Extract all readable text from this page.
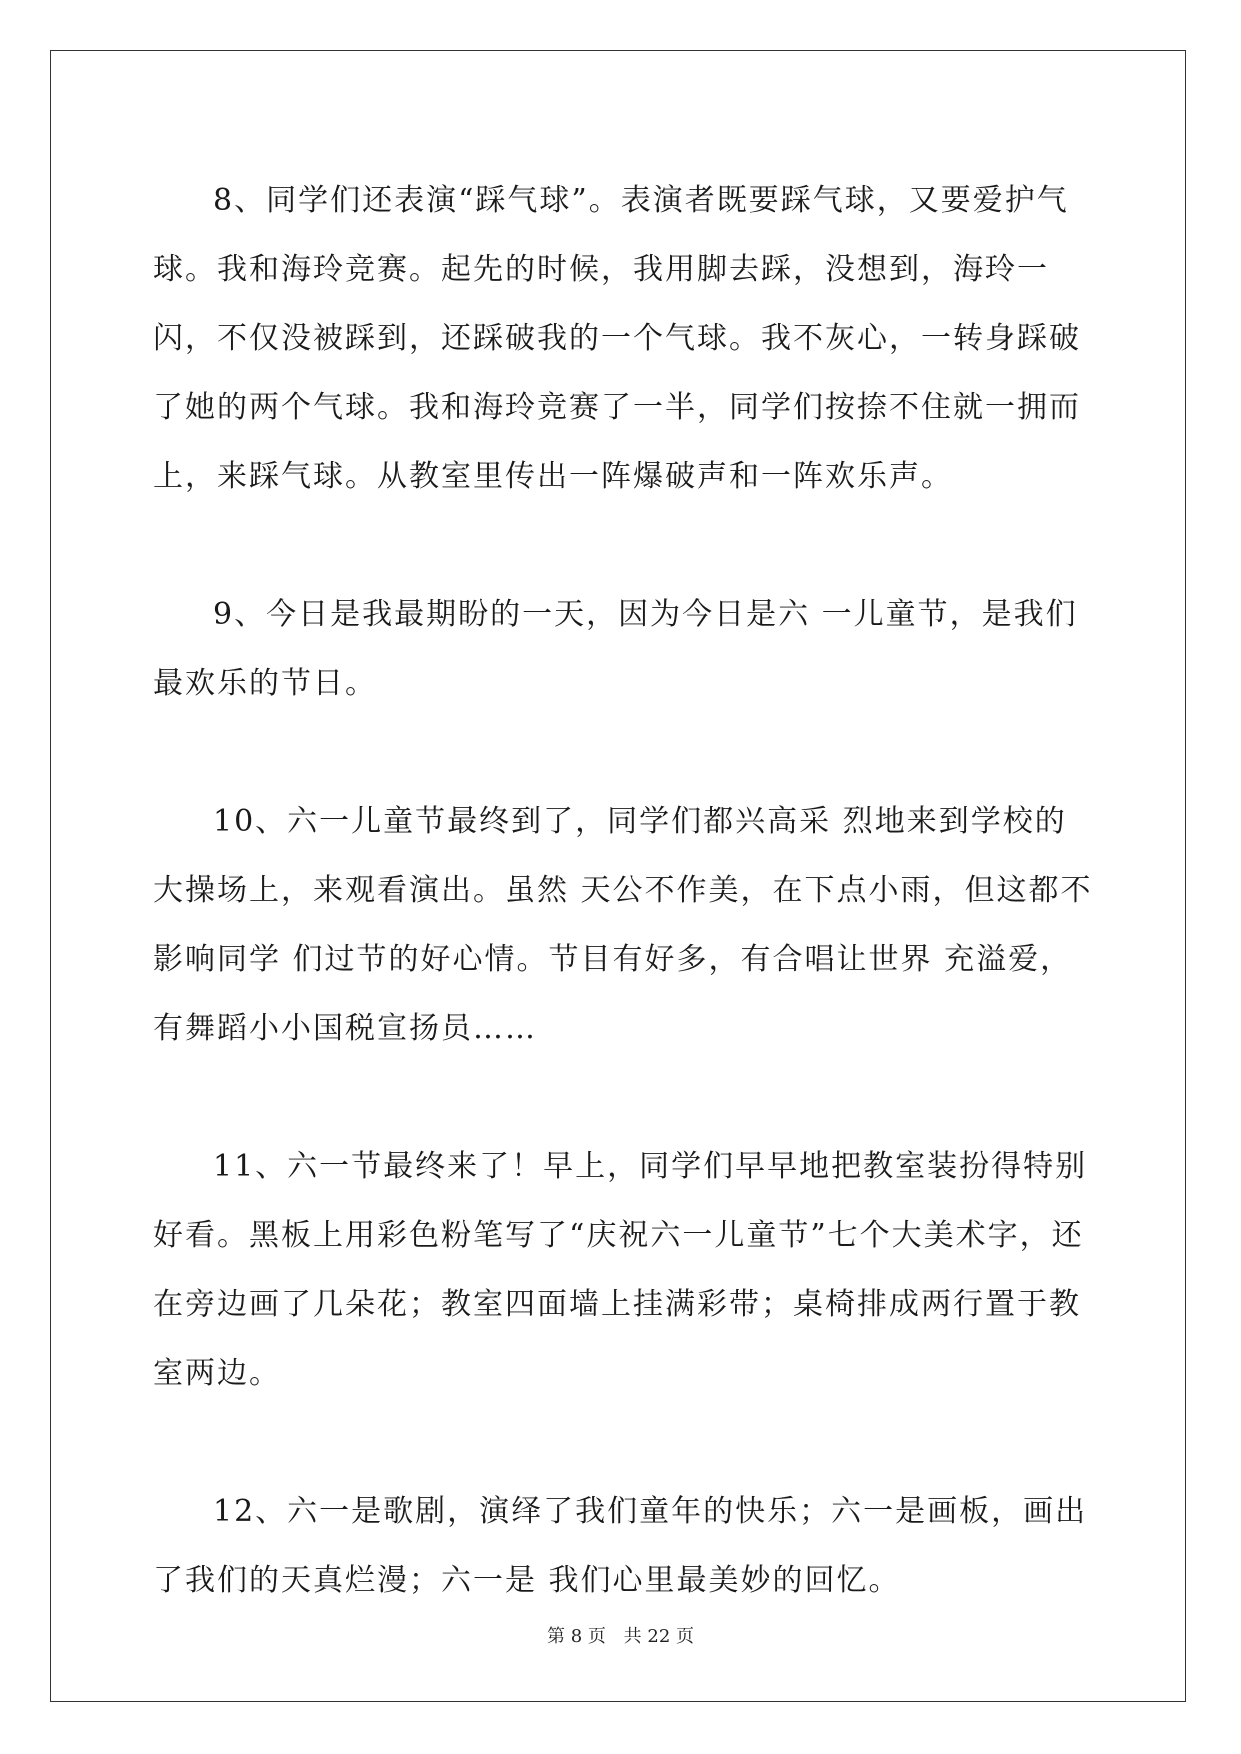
8、同学们还表演“踩气球”。表演者既要踩气球，又要爱护气球。我和海玲竞赛。起先的时候，我用脚去踩，没想到，海玲一闪，不仅没被踩到，还踩破我的一个气球。我不灰心，一转身踩破了她的两个气球。我和海玲竞赛了一半，同学们按捺不住就一拥而上，来踩气球。从教室里传出一阵爆破声和一阵欢乐声。

9、今日是我最期盼的一天，因为今日是六 一儿童节，是我们最欢乐的节日。

10、六一儿童节最终到了，同学们都兴高采 烈地来到学校的大操场上，来观看演出。虽然 天公不作美，在下点小雨，但这都不影响同学 们过节的好心情。节目有好多，有合唱让世界 充溢爱，有舞蹈小小国税宣扬员……

11、六一节最终来了！早上，同学们早早地把教室装扮得特别好看。黑板上用彩色粉笔写了“庆祝六一儿童节”七个大美术字，还在旁边画了几朵花；教室四面墙上挂满彩带；桌椅排成两行置于教室两边。

12、六一是歌剧，演绎了我们童年的快乐；六一是画板，画出了我们的天真烂漫；六一是 我们心里最美妙的回忆。

第 8 页 共 22 页
